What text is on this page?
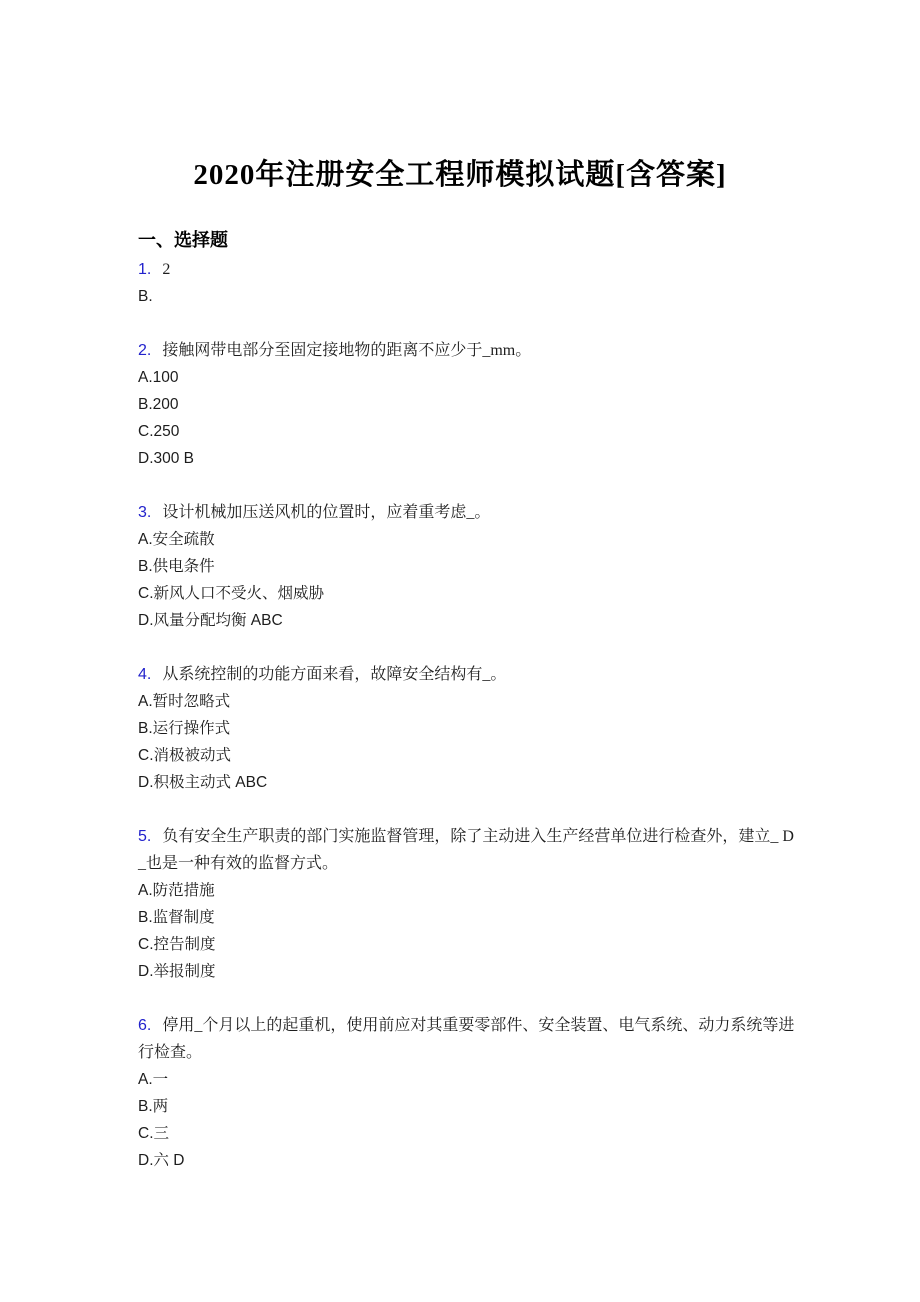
2020年注册安全工程师模拟试题[含答案]
一、选择题
1. 2
B.
2. 接触网带电部分至固定接地物的距离不应少于_mm。
A.100
B.200
C.250
D.300 B
3. 设计机械加压送风机的位置时，应着重考虑_。
A.安全疏散
B.供电条件
C.新风人口不受火、烟威胁
D.风量分配均衡 ABC
4. 从系统控制的功能方面来看，故障安全结构有_。
A.暂时忽略式
B.运行操作式
C.消极被动式
D.积极主动式 ABC
5. 负有安全生产职责的部门实施监督管理，除了主动进入生产经营单位进行检查外，建立_ D _也是一种有效的监督方式。
A.防范措施
B.监督制度
C.控告制度
D.举报制度
6. 停用_个月以上的起重机，使用前应对其重要零部件、安全装置、电气系统、动力系统等进行检查。
A.一
B.两
C.三
D.六 D
